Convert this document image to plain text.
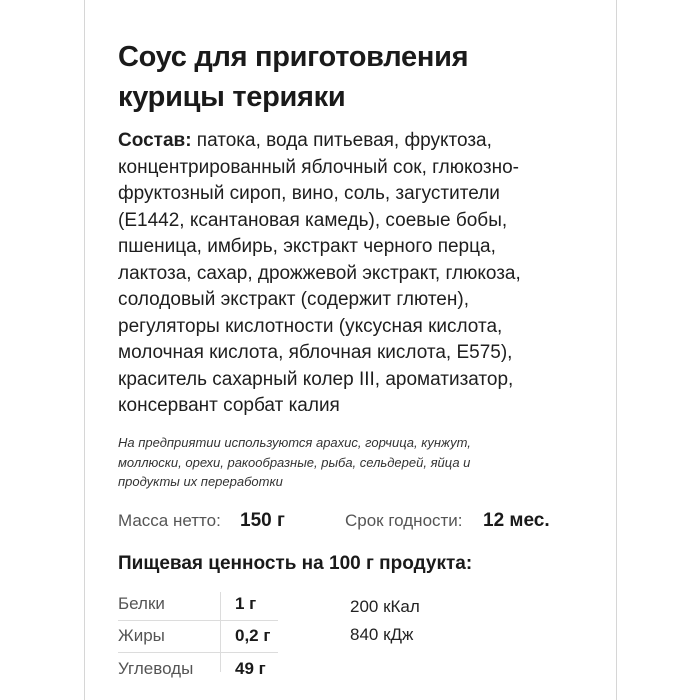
Соус для приготовления
курицы терияки
Состав: патока, вода питьевая, фруктоза,
концентрированный яблочный сок, глюкозно-
фруктозный сироп, вино, соль, загустители
(Е1442, ксантановая камедь), соевые бобы,
пшеница, имбирь, экстракт черного перца,
лактоза, сахар, дрожжевой экстракт, глюкоза,
солодовый экстракт (содержит глютен),
регуляторы кислотности (уксусная кислота,
молочная кислота, яблочная кислота, Е575),
краситель сахарный колер III, ароматизатор,
консервант сорбат калия
На предприятии используются арахис, горчица, кунжут,
моллюски, орехи, ракообразные, рыба, сельдерей, яйца и
продукты их переработки
Масса нетто: 150 г	Срок годности: 12 мес.
Пищевая ценность на 100 г продукта:
Белки	1 г	200 кКал
Жиры	0,2 г	840 кДж
Углеводы 49 г
